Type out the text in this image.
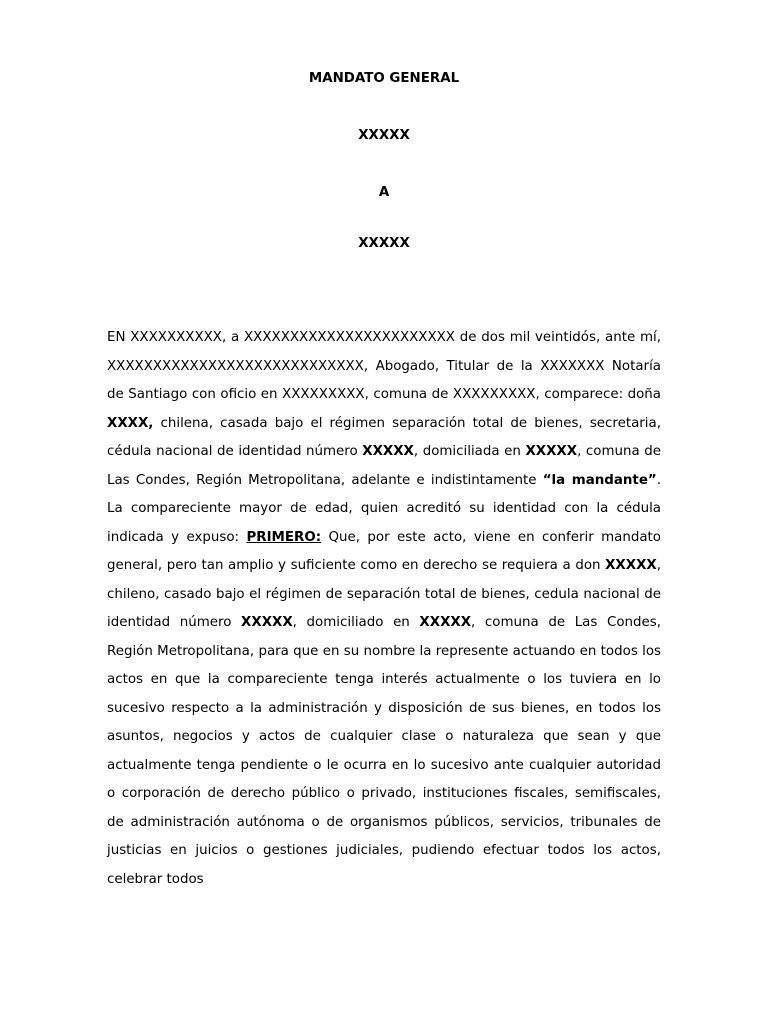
MANDATO GENERAL

XXXXX

A

XXXXX

EN XXXXXXXXXX, a XXXXXXXXXXXXXXXXXXXXXXX de dos mil veintidós, ante mí, XXXXXXXXXXXXXXXXXXXXXXXXXXXX, Abogado, Titular de la XXXXXXX Notaría de Santiago con oficio en XXXXXXXXX, comuna de XXXXXXXXX, comparece: doña XXXX, chilena, casada bajo el régimen separación total de bienes, secretaria, cédula nacional de identidad número XXXXX, domiciliada en XXXXX, comuna de Las Condes, Región Metropolitana, adelante e indistintamente “la mandante”. La compareciente mayor de edad, quien acreditó su identidad con la cédula indicada y expuso: PRIMERO: Que, por este acto, viene en conferir mandato general, pero tan amplio y suficiente como en derecho se requiera a don XXXXX, chileno, casado bajo el régimen de separación total de bienes, cedula nacional de identidad número XXXXX, domiciliado en XXXXX, comuna de Las Condes, Región Metropolitana, para que en su nombre la represente actuando en todos los actos en que la compareciente tenga interés actualmente o los tuviera en lo sucesivo respecto a la administración y disposición de sus bienes, en todos los asuntos, negocios y actos de cualquier clase o naturaleza que sean y que actualmente tenga pendiente o le ocurra en lo sucesivo ante cualquier autoridad o corporación de derecho público o privado, instituciones fiscales, semifiscales, de administración autónoma o de organismos públicos, servicios, tribunales de justicias en juicios o gestiones judiciales, pudiendo efectuar todos los actos, celebrar todos
